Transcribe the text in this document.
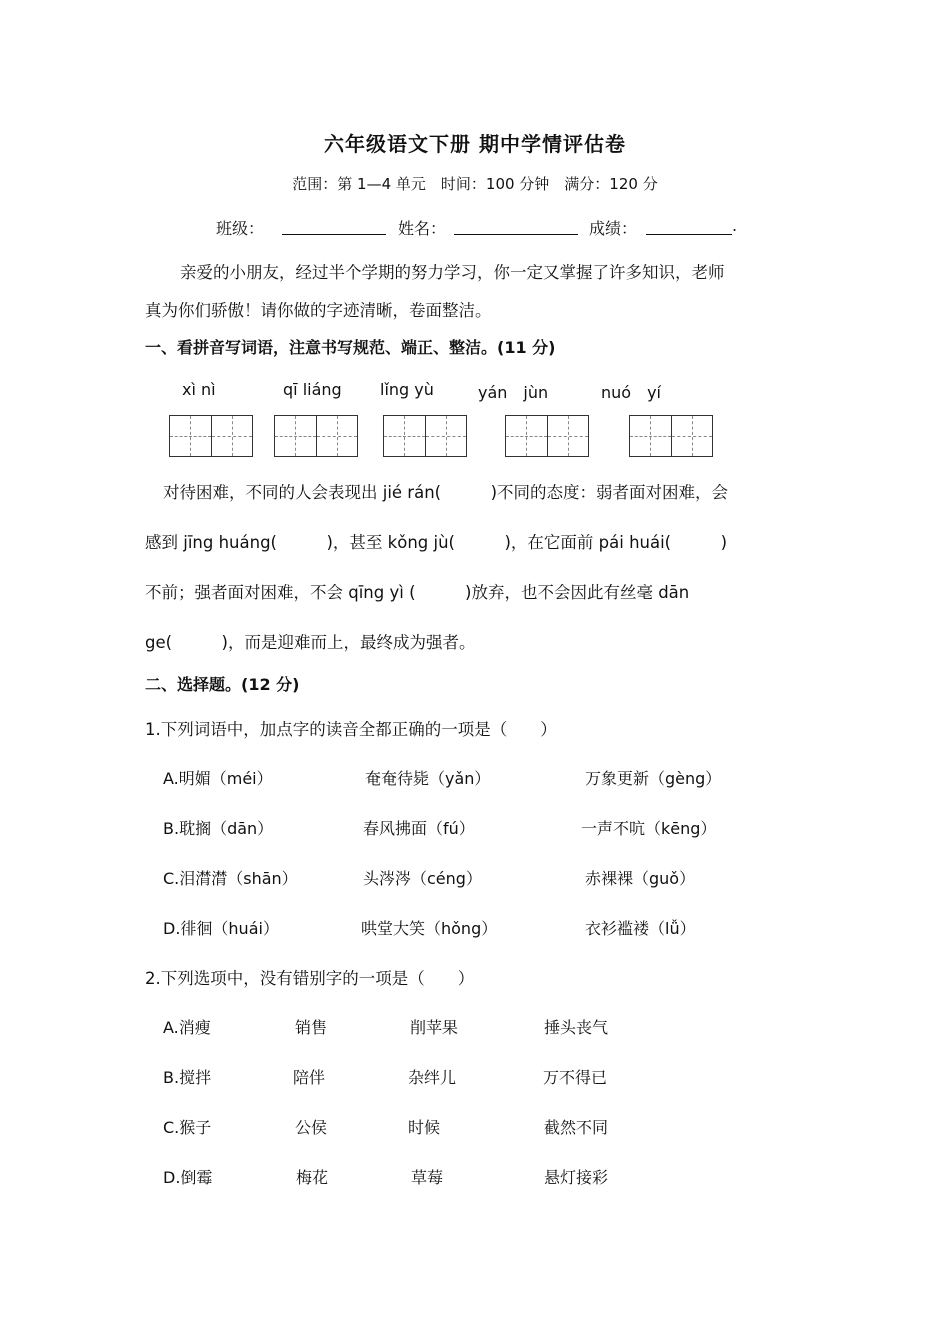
六年级语文下册 期中学情评估卷
范围：第 1—4 单元　时间：100 分钟　满分：120 分
班级：	姓名：	成绩：	.
亲爱的小朋友，经过半个学期的努力学习，你一定又掌握了许多知识，老师
真为你们骄傲！请你做的字迹清晰，卷面整洁。
一、看拼音写词语，注意书写规范、端正、整洁。(11 分)
xì nì	qī liáng lǐng yù	yán　jùn	nuó　yí
对待困难，不同的人会表现出 jié rán(　　　)不同的态度：弱者面对困难，会
感到 jīng huáng(　　　)，甚至 kǒng jù(　　　)，在它面前 pái huái(　　　)
不前；强者面对困难，不会 qīng yì (　　　)放弃，也不会因此有丝毫 dān
ge(　　　)，而是迎难而上，最终成为强者。
二、选择题。(12 分)
1.下列词语中，加点字的读音全都正确的一项是（　　）
A.明媚（méi）	奄奄待毙（yǎn）	万象更新（gèng）
B.耽搁（dān）	春风拂面（fú）	一声不吭（kēng）
C.泪潸潸（shān）	头涔涔（céng）	赤裸裸（guǒ）
D.徘徊（huái）	哄堂大笑（hǒng）	衣衫褴褛（lǚ）
2.下列选项中，没有错别字的一项是（　　）
A.消瘦	销售	削苹果	捶头丧气
B.搅拌	陪伴	杂绊儿	万不得已
C.猴子	公侯	时候	截然不同
D.倒霉	梅花	草莓	悬灯接彩
